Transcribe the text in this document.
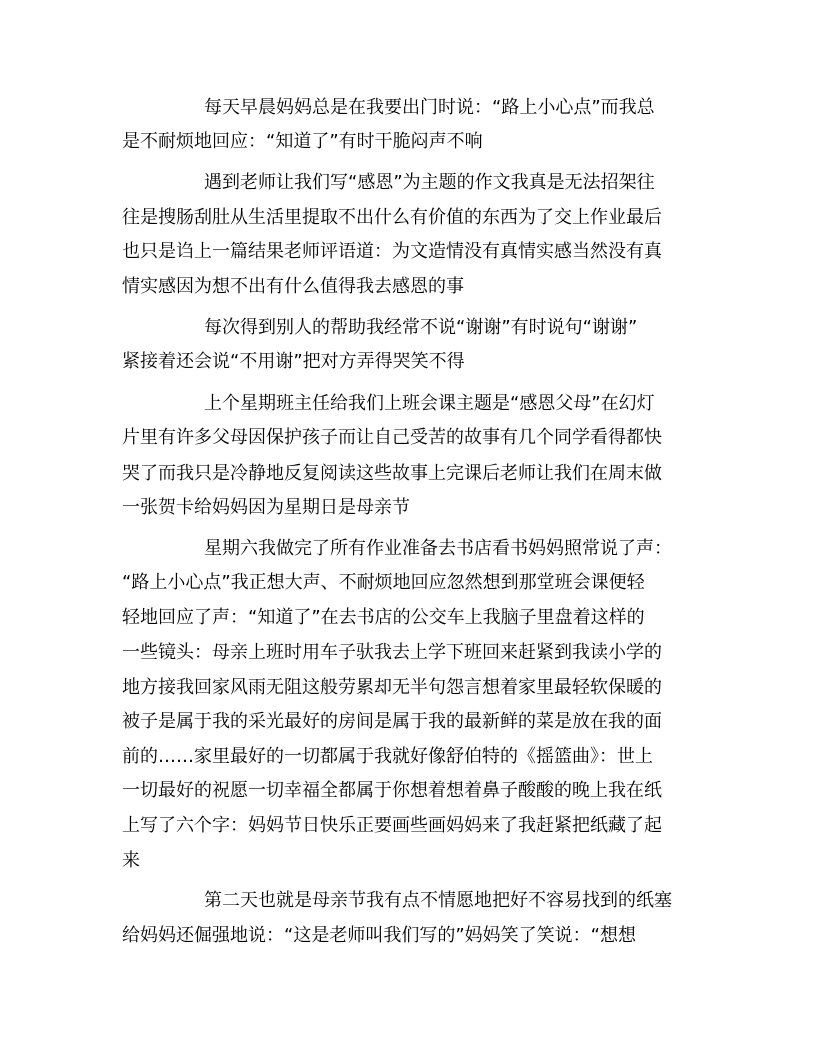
每天早晨妈妈总是在我要出门时说：“路上小心点”而我总
是不耐烦地回应：“知道了”有时干脆闷声不响
遇到老师让我们写“感恩”为主题的作文我真是无法招架往
往是搜肠刮肚从生活里提取不出什么有价值的东西为了交上作业最后
也只是诌上一篇结果老师评语道：为文造情没有真情实感当然没有真
情实感因为想不出有什么值得我去感恩的事
每次得到别人的帮助我经常不说“谢谢”有时说句“谢谢”
紧接着还会说“不用谢”把对方弄得哭笑不得
上个星期班主任给我们上班会课主题是“感恩父母”在幻灯
片里有许多父母因保护孩子而让自己受苦的故事有几个同学看得都快
哭了而我只是冷静地反复阅读这些故事上完课后老师让我们在周末做
一张贺卡给妈妈因为星期日是母亲节
星期六我做完了所有作业准备去书店看书妈妈照常说了声：
“路上小心点”我正想大声、不耐烦地回应忽然想到那堂班会课便轻
轻地回应了声：“知道了”在去书店的公交车上我脑子里盘着这样的
一些镜头：母亲上班时用车子驮我去上学下班回来赶紧到我读小学的
地方接我回家风雨无阻这般劳累却无半句怨言想着家里最轻软保暖的
被子是属于我的采光最好的房间是属于我的最新鲜的菜是放在我的面
前的……家里最好的一切都属于我就好像舒伯特的《摇篮曲》：世上
一切最好的祝愿一切幸福全都属于你想着想着鼻子酸酸的晚上我在纸
上写了六个字：妈妈节日快乐正要画些画妈妈来了我赶紧把纸藏了起
来
第二天也就是母亲节我有点不情愿地把好不容易找到的纸塞
给妈妈还倔强地说：“这是老师叫我们写的”妈妈笑了笑说：“想想
